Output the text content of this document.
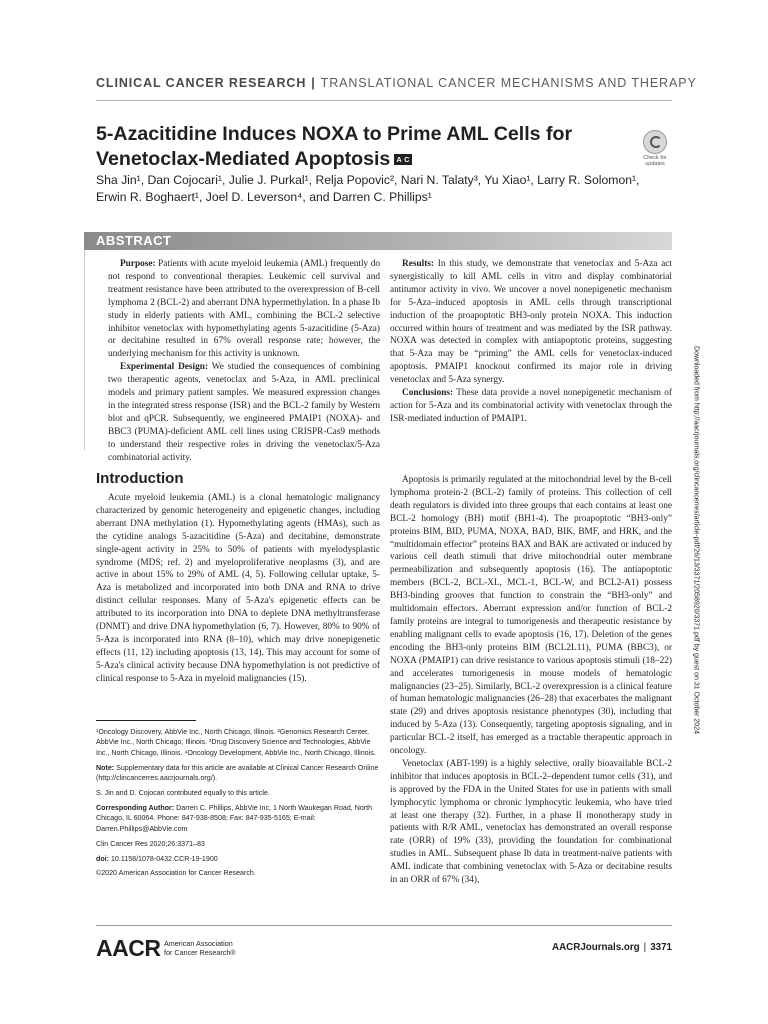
CLINICAL CANCER RESEARCH | TRANSLATIONAL CANCER MECHANISMS AND THERAPY
5-Azacitidine Induces NOXA to Prime AML Cells for Venetoclax-Mediated Apoptosis A C	Check for updates
Sha Jin¹, Dan Cojocari¹, Julie J. Purkal¹, Relja Popovic², Nari N. Talaty³, Yu Xiao¹, Larry R. Solomon¹,
Erwin R. Boghaert¹, Joel D. Leverson⁴, and Darren C. Phillips¹
ABSTRACT

Purpose: Patients with acute myeloid leukemia (AML) frequently do not respond to conventional therapies. Leukemic cell survival and treatment resistance have been attributed to the overexpression of B-cell lymphoma 2 (BCL-2) and aberrant DNA hypermethylation. In a phase Ib study in elderly patients with AML, combining the BCL-2 selective inhibitor venetoclax with hypomethylating agents 5-azacitidine (5-Aza) or decitabine resulted in 67% overall response rate; however, the underlying mechanism for this activity is unknown.

Experimental Design: We studied the consequences of combining two therapeutic agents, venetoclax and 5-Aza, in AML preclinical models and primary patient samples. We measured expression changes in the integrated stress response (ISR) and the BCL-2 family by Western blot and qPCR. Subsequently, we engineered PMAIP1 (NOXA)- and BBC3 (PUMA)-deficient AML cell lines using CRISPR-Cas9 methods to understand their respective roles in driving the venetoclax/5-Aza combinatorial activity.

Results: In this study, we demonstrate that venetoclax and 5-Aza act synergistically to kill AML cells in vitro and display combinatorial antitumor activity in vivo. We uncover a novel nonepigenetic mechanism for 5-Aza–induced apoptosis in AML cells through transcriptional induction of the proapoptotic BH3-only protein NOXA. This induction occurred within hours of treatment and was mediated by the ISR pathway. NOXA was detected in complex with antiapoptotic proteins, suggesting that 5-Aza may be “priming” the AML cells for venetoclax-induced apoptosis. PMAIP1 knockout confirmed its major role in driving venetoclax and 5-Aza synergy.

Conclusions: These data provide a novel nonepigenetic mechanism of action for 5-Aza and its combinatorial activity with venetoclax through the ISR-mediated induction of PMAIP1.

Introduction

Acute myeloid leukemia (AML) is a clonal hematologic malignancy characterized by genomic heterogeneity and epigenetic changes, including aberrant DNA methylation (1). Hypomethylating agents (HMAs), such as the cytidine analogs 5-azacitidine (5-Aza) and decitabine, demonstrate single-agent activity in 25% to 50% of patients with myelodysplastic syndrome (MDS; ref. 2) and myeloproliferative neoplasms (3), and are active in about 15% to 29% of AML (4, 5). Following cellular uptake, 5-Aza is metabolized and incorporated into both DNA and RNA to drive distinct cellular responses. Many of 5-Aza's epigenetic effects can be attributed to its incorporation into DNA to deplete DNA methyltransferase (DNMT) and drive DNA hypomethylation (6, 7). However, 80% to 90% of 5-Aza is incorporated into RNA (8–10), which may drive nonepigenetic effects (11, 12) including apoptosis (13, 14). This may account for some of 5-Aza's clinical activity because DNA hypomethylation is not predictive of clinical response to 5-Aza in myeloid malignancies (15).

Apoptosis is primarily regulated at the mitochondrial level by the B-cell lymphoma protein-2 (BCL-2) family of proteins. This collection of cell death regulators is divided into three groups that each contains at least one BCL-2 homology (BH) motif (BH1-4). The proapoptotic “BH3-only” proteins BIM, BID, PUMA, NOXA, BAD, BIK, BMF, and HRK, and the “multidomain effector” proteins BAX and BAK are activated or induced by various cell death stimuli that drive mitochondrial outer membrane permeabilization and subsequently apoptosis (16). The antiapoptotic members (BCL-2, BCL-XL, MCL-1, BCL-W, and BCL2-A1) possess BH3-binding grooves that function to constrain the “BH3-only” and multidomain effectors. Aberrant expression and/or function of BCL-2 family proteins are integral to tumorigenesis and therapeutic resistance by enabling malignant cells to evade apoptosis (16, 17). Deletion of the genes encoding the BH3-only proteins BIM (BCL2L11), PUMA (BBC3), or NOXA (PMAIP1) can drive resistance to various apoptosis stimuli (18–22) and accelerates tumorigenesis in mouse models of hematologic malignancies (23–25). Similarly, BCL-2 overexpression is a clinical feature of human hematologic malignancies (26–28) that exacerbates the malignant state (29) and drives apoptosis resistance phenotypes (30), including that induced by 5-Aza (13). Consequently, targeting apoptosis signaling, and in particular BCL-2 itself, has emerged as a tractable therapeutic approach in oncology.

Venetoclax (ABT-199) is a highly selective, orally bioavailable BCL-2 inhibitor that induces apoptosis in BCL-2–dependent tumor cells (31), and is approved by the FDA in the United States for use in patients with small lymphocytic lymphoma or chronic lymphocytic leukemia, who have tried at least one therapy (32). Further, in a phase II monotherapy study in patients with R/R AML, venetoclax has demonstrated an overall response rate (ORR) of 19% (33), providing the foundation for combinational studies in AML. Subsequent phase Ib data in treatment-naïve patients with AML indicate that combining venetoclax with 5-Aza or decitabine results in an ORR of 67% (34),

¹Oncology Discovery, AbbVie Inc., North Chicago, Illinois. ²Genomics Research Center, AbbVie Inc., North Chicago, Illinois. ³Drug Discovery Science and Technologies, AbbVie Inc., North Chicago, Illinois. ⁴Oncology Development, AbbVie Inc., North Chicago, Illinois.

Note: Supplementary data for this article are available at Clinical Cancer Research Online (http://clincancerres.aacrjournals.org/).

S. Jin and D. Cojocari contributed equally to this article.

Corresponding Author: Darren C. Phillips, AbbVie Inc, 1 North Waukegan Road, North Chicago, IL 60064. Phone: 847-938-8508; Fax: 847-935-5165; E-mail: Darren.Phillips@AbbVie.com

Clin Cancer Res 2020;26:3371–83

doi: 10.1158/1078-0432.CCR-19-1900

©2020 American Association for Cancer Research.

Downloaded from http://aacrjournals.org/clincancerres/article-pdf/26/13/3371/2058920/3371.pdf by guest on 31 October 2024
AACR American Association
for Cancer Research®	AACRJournals.org | 3371
